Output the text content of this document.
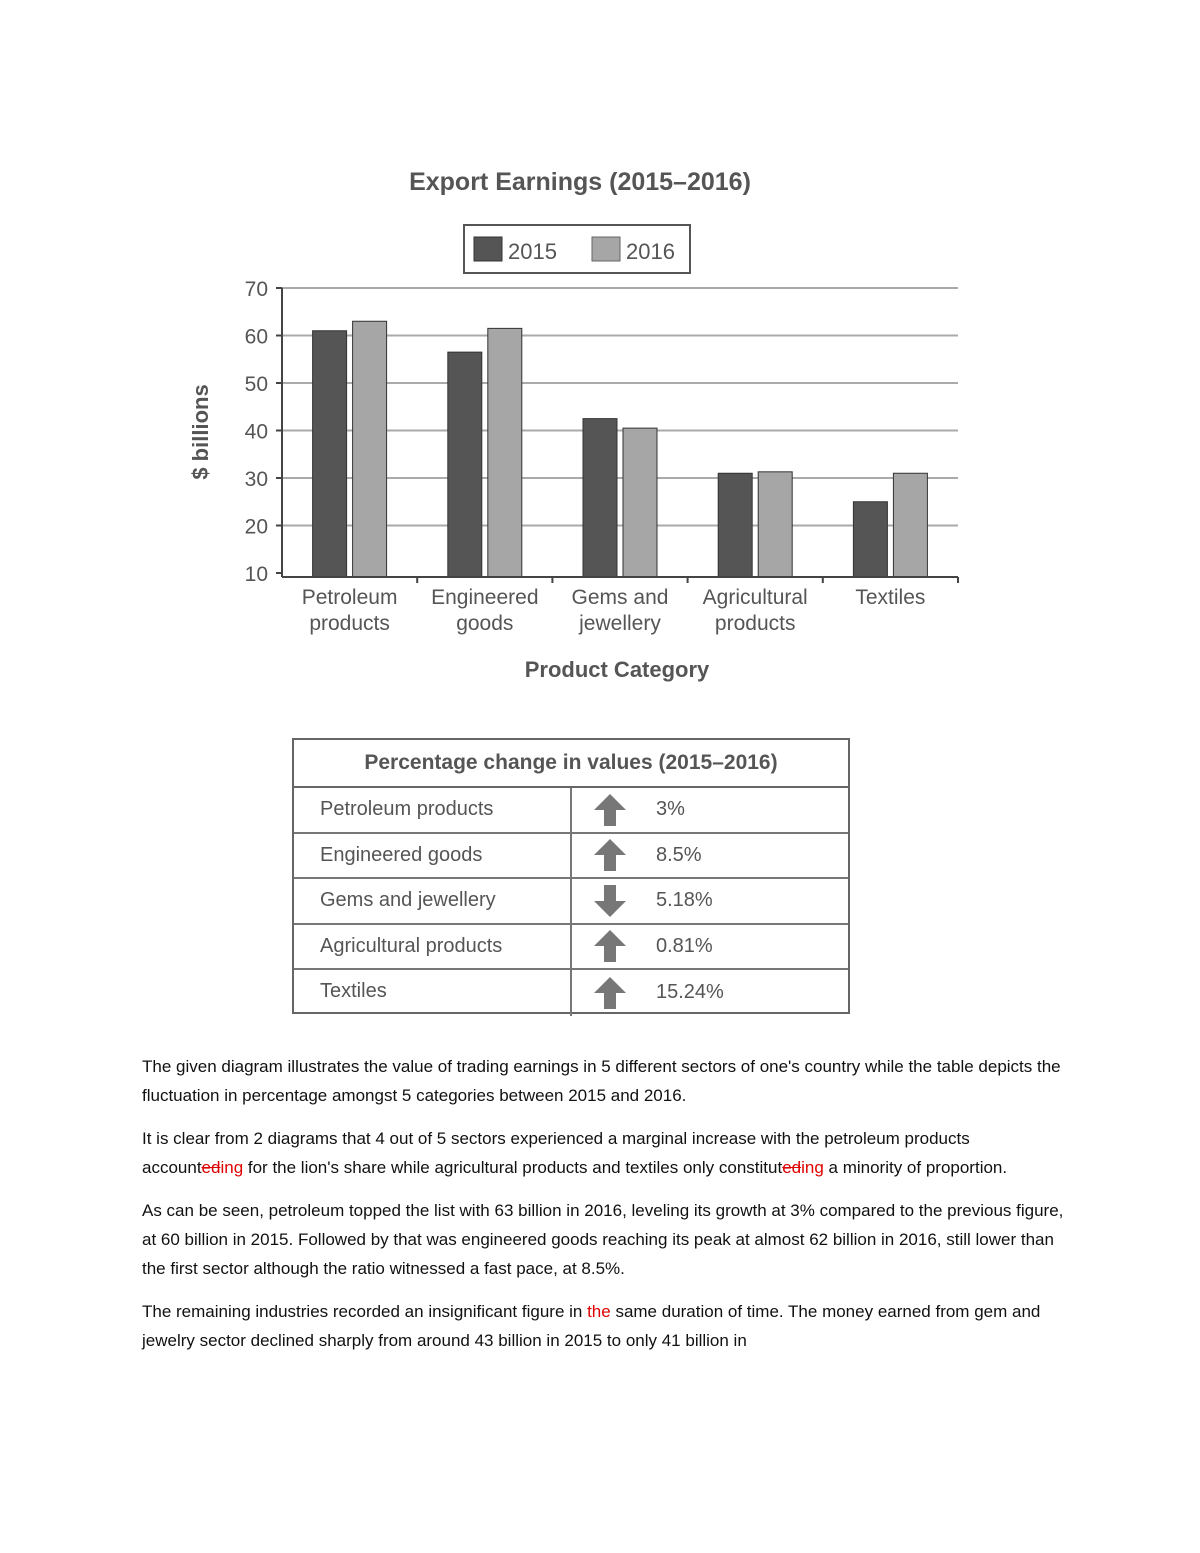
Export Earnings (2015–2016)
2015	2016
10
20
30
40
50
60
70
Petroleum
products
Engineered
goods
Gems and
jewellery
Agricultural
products
Textiles
$ billions
Product Category
Percentage change in values (2015–2016)
Petroleum products	3%
Engineered goods	8.5%
Gems and jewellery	5.18%
Agricultural products	0.81%
Textiles	15.24%

The given diagram illustrates the value of trading earnings in 5 different sectors of one's country while the table depicts the fluctuation in percentage amongst 5 categories between 2015 and 2016.

It is clear from 2 diagrams that 4 out of 5 sectors experienced a marginal increase with the petroleum products accounteding for the lion's share while agricultural products and textiles only constituteding a minority of proportion.

As can be seen, petroleum topped the list with 63 billion in 2016, leveling its growth at 3% compared to the previous figure, at 60 billion in 2015. Followed by that was engineered goods reaching its peak at almost 62 billion in 2016, still lower than the first sector although the ratio witnessed a fast pace, at 8.5%.

The remaining industries recorded an insignificant figure in the same duration of time. The money earned from gem and jewelry sector declined sharply from around 43 billion in 2015 to only 41 billion in
